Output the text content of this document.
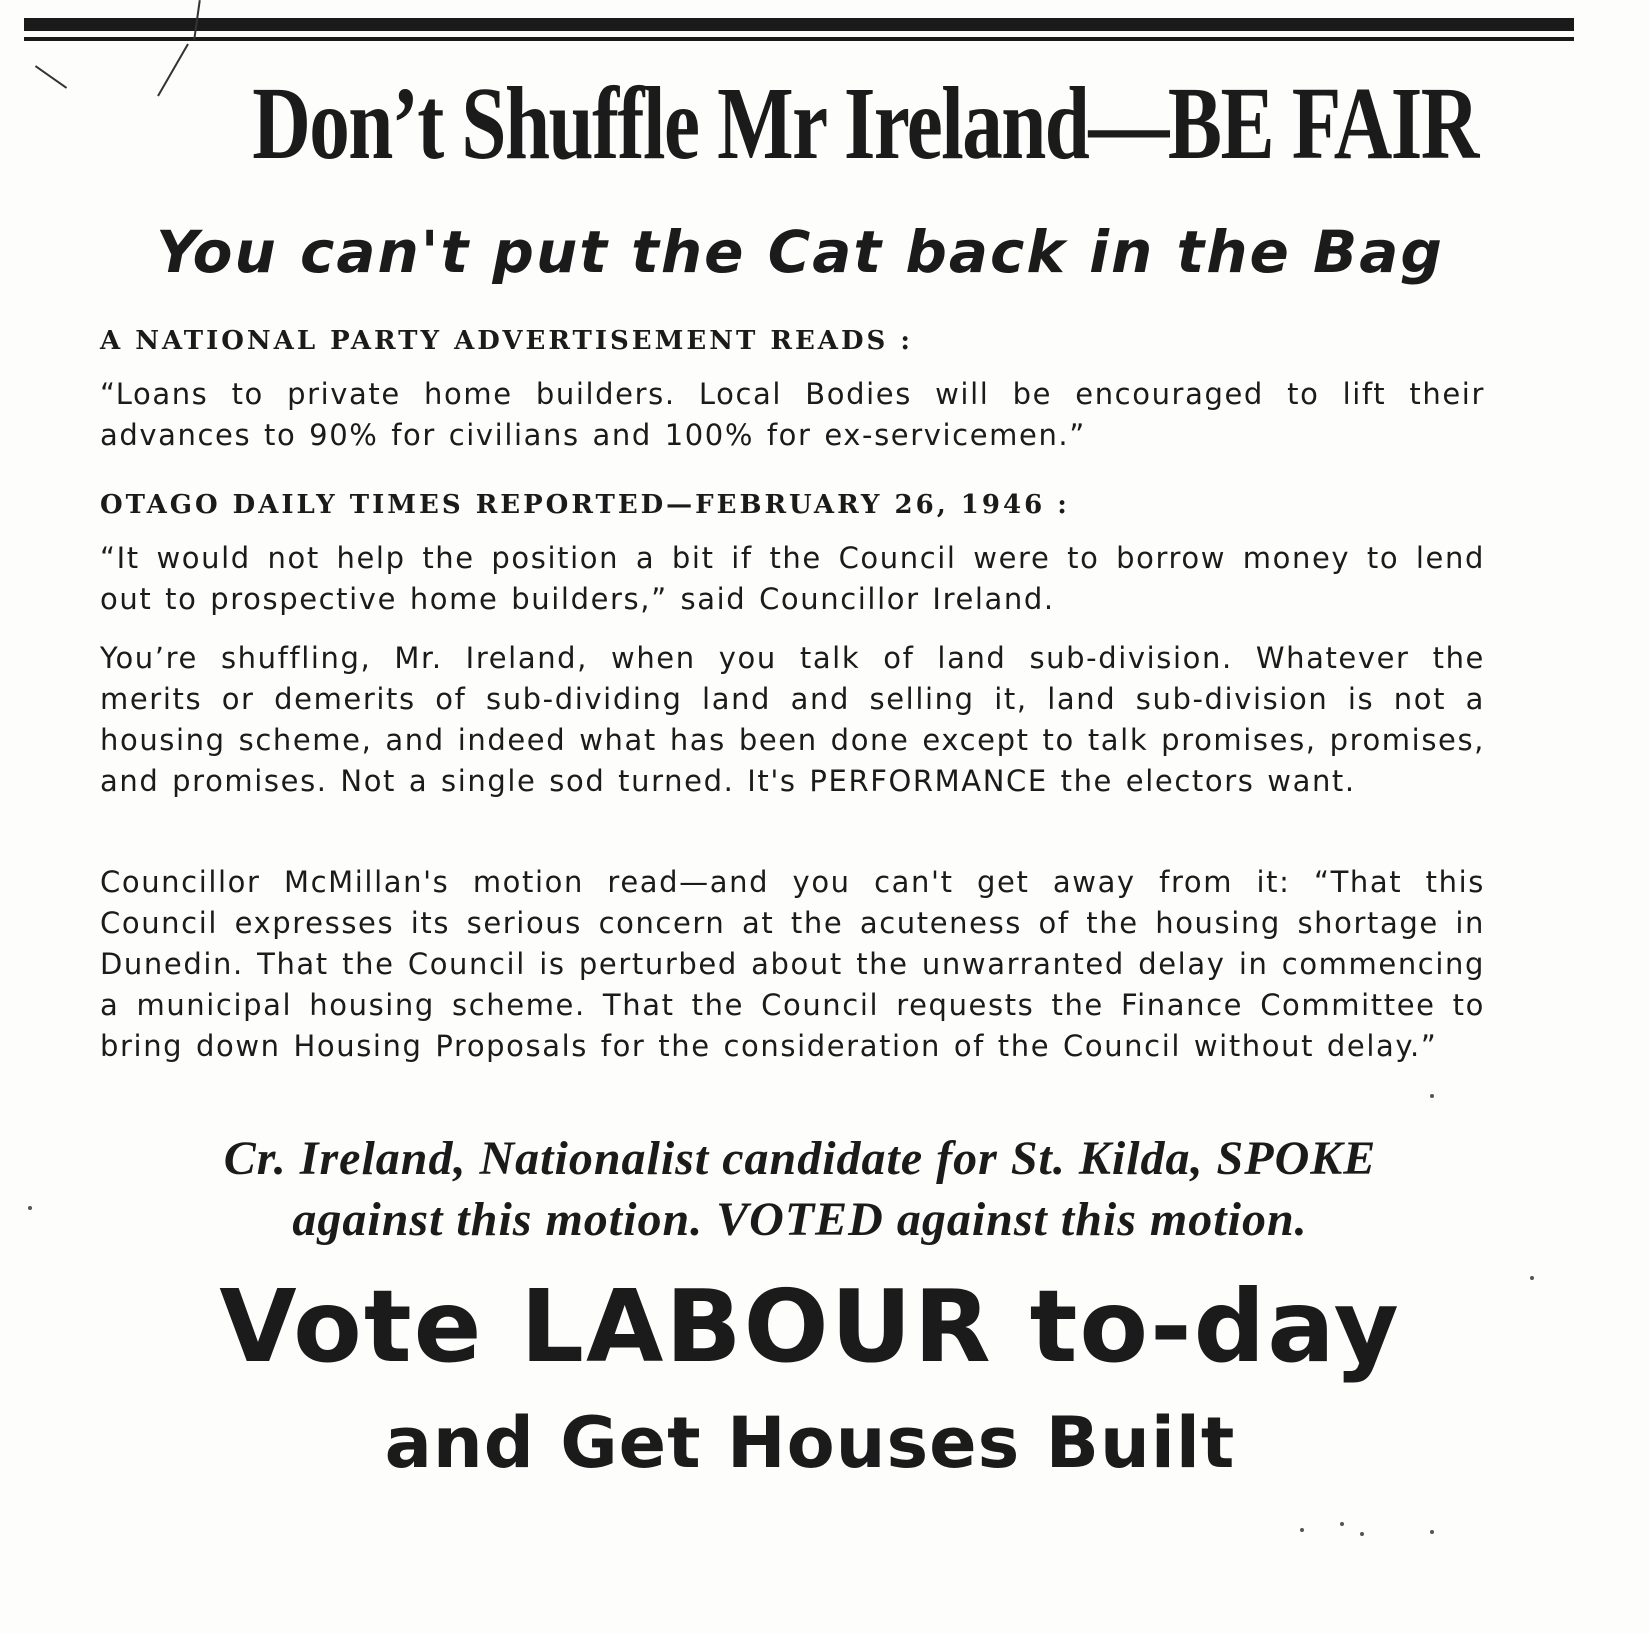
Don’t Shuffle Mr Ireland—BE FAIR
You can't put the Cat back in the Bag

A NATIONAL PARTY ADVERTISEMENT READS :

“Loans to private home builders. Local Bodies will be encouraged to lift their advances to 90% for civilians and 100% for ex-servicemen.”

OTAGO DAILY TIMES REPORTED—FEBRUARY 26, 1946 :

“It would not help the position a bit if the Council were to borrow money to lend out to prospective home builders,” said Councillor Ireland.

You’re shuffling, Mr. Ireland, when you talk of land sub-division. Whatever the merits or demerits of sub-dividing land and selling it, land sub-division is not a housing scheme, and indeed what has been done except to talk promises, promises, and promises. Not a single sod turned. It's PERFORMANCE the electors want.

Councillor McMillan's motion read—and you can't get away from it: “That this Council expresses its serious concern at the acuteness of the housing shortage in Dunedin. That the Council is perturbed about the unwarranted delay in commencing a municipal housing scheme. That the Council requests the Finance Committee to bring down Housing Proposals for the consideration of the Council without delay.”

Cr. Ireland, Nationalist candidate for St. Kilda, SPOKE
against this motion. VOTED against this motion.
Vote LABOUR to-day
and Get Houses Built
